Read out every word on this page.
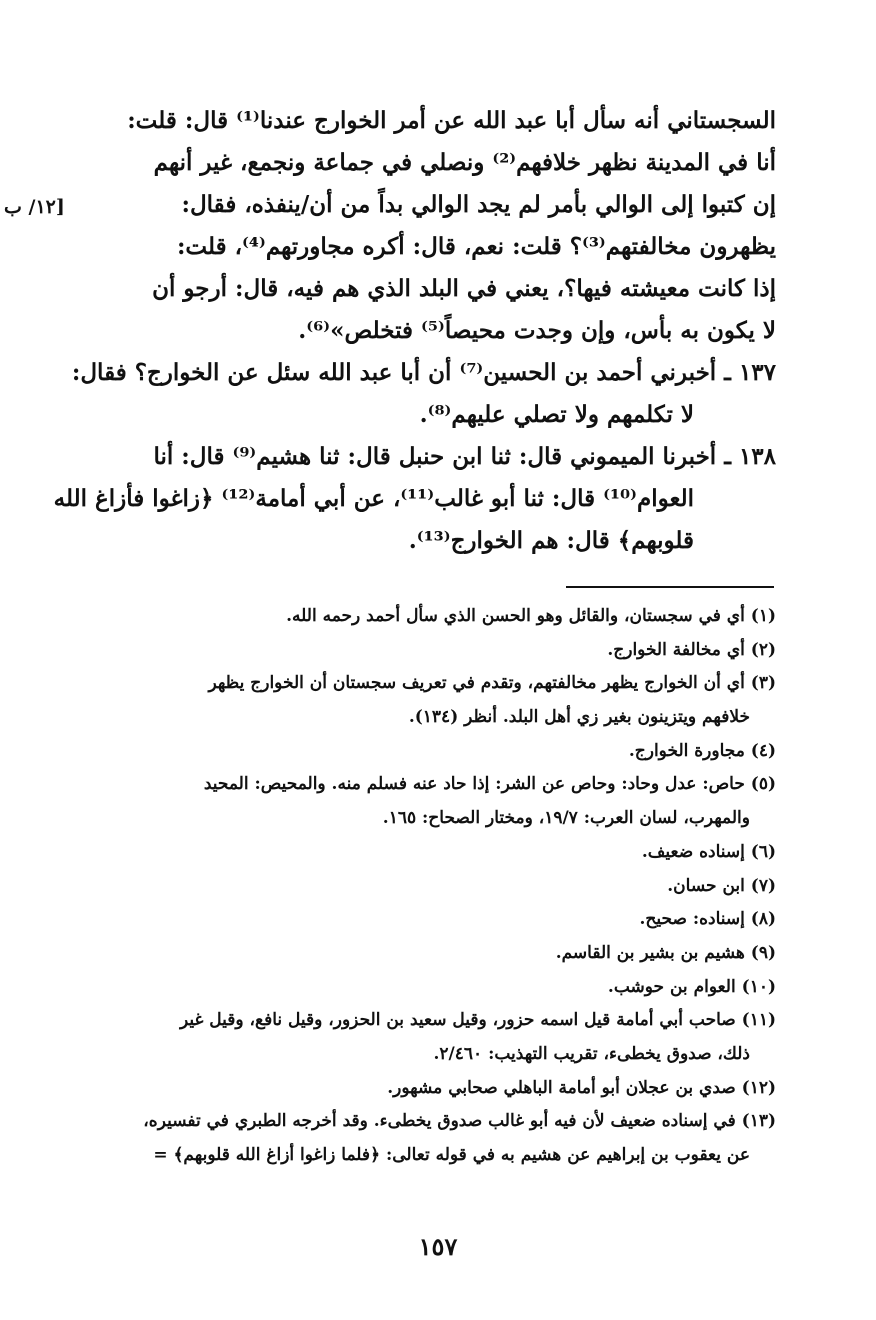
[١٢/ ب
السجستاني أنه سأل أبا عبد الله عن أمر الخوارج عندنا⁽¹⁾ قال: قلت:
أنا في المدينة نظهر خلافهم⁽²⁾ ونصلي في جماعة ونجمع، غير أنهم
إن كتبوا إلى الوالي بأمر لم يجد الوالي بداً من أن/ينفذه، فقال:
يظهرون مخالفتهم⁽³⁾؟ قلت: نعم، قال: أكره مجاورتهم⁽⁴⁾، قلت:
إذا كانت معيشته فيها؟، يعني في البلد الذي هم فيه، قال: أرجو أن
لا يكون به بأس، وإن وجدت محيصاً⁽⁵⁾ فتخلص»⁽⁶⁾.
١٣٧ ـ أخبرني أحمد بن الحسين⁽⁷⁾ أن أبا عبد الله سئل عن الخوارج؟ فقال:
لا تكلمهم ولا تصلي عليهم⁽⁸⁾.
١٣٨ ـ أخبرنا الميموني قال: ثنا ابن حنبل قال: ثنا هشيم⁽⁹⁾ قال: أنا
العوام⁽¹⁰⁾ قال: ثنا أبو غالب⁽¹¹⁾، عن أبي أمامة⁽¹²⁾ ﴿زاغوا فأزاغ الله
قلوبهم﴾ قال: هم الخوارج⁽¹³⁾.
(١) أي في سجستان، والقائل وهو الحسن الذي سأل أحمد رحمه الله.
(٢) أي مخالفة الخوارج.
(٣) أي أن الخوارج يظهر مخالفتهم، وتقدم في تعريف سجستان أن الخوارج يظهر
خلافهم ويتزينون بغير زي أهل البلد. أنظر (١٣٤).
(٤) مجاورة الخوارج.
(٥) حاص: عدل وحاد: وحاص عن الشر: إذا حاد عنه فسلم منه. والمحيص: المحيد
والمهرب، لسان العرب: ١٩/٧، ومختار الصحاح: ١٦٥.
(٦) إسناده ضعيف.
(٧) ابن حسان.
(٨) إسناده: صحيح.
(٩) هشيم بن بشير بن القاسم.
(١٠) العوام بن حوشب.
(١١) صاحب أبي أمامة قيل اسمه حزور، وقيل سعيد بن الحزور، وقيل نافع، وقيل غير
ذلك، صدوق يخطىء، تقريب التهذيب: ٢/٤٦٠.
(١٢) صدي بن عجلان أبو أمامة الباهلي صحابي مشهور.
(١٣) في إسناده ضعيف لأن فيه أبو غالب صدوق يخطىء. وقد أخرجه الطبري في تفسيره،
عن يعقوب بن إبراهيم عن هشيم به في قوله تعالى: ﴿فلما زاغوا أزاغ الله قلوبهم﴾ =
١٥٧
